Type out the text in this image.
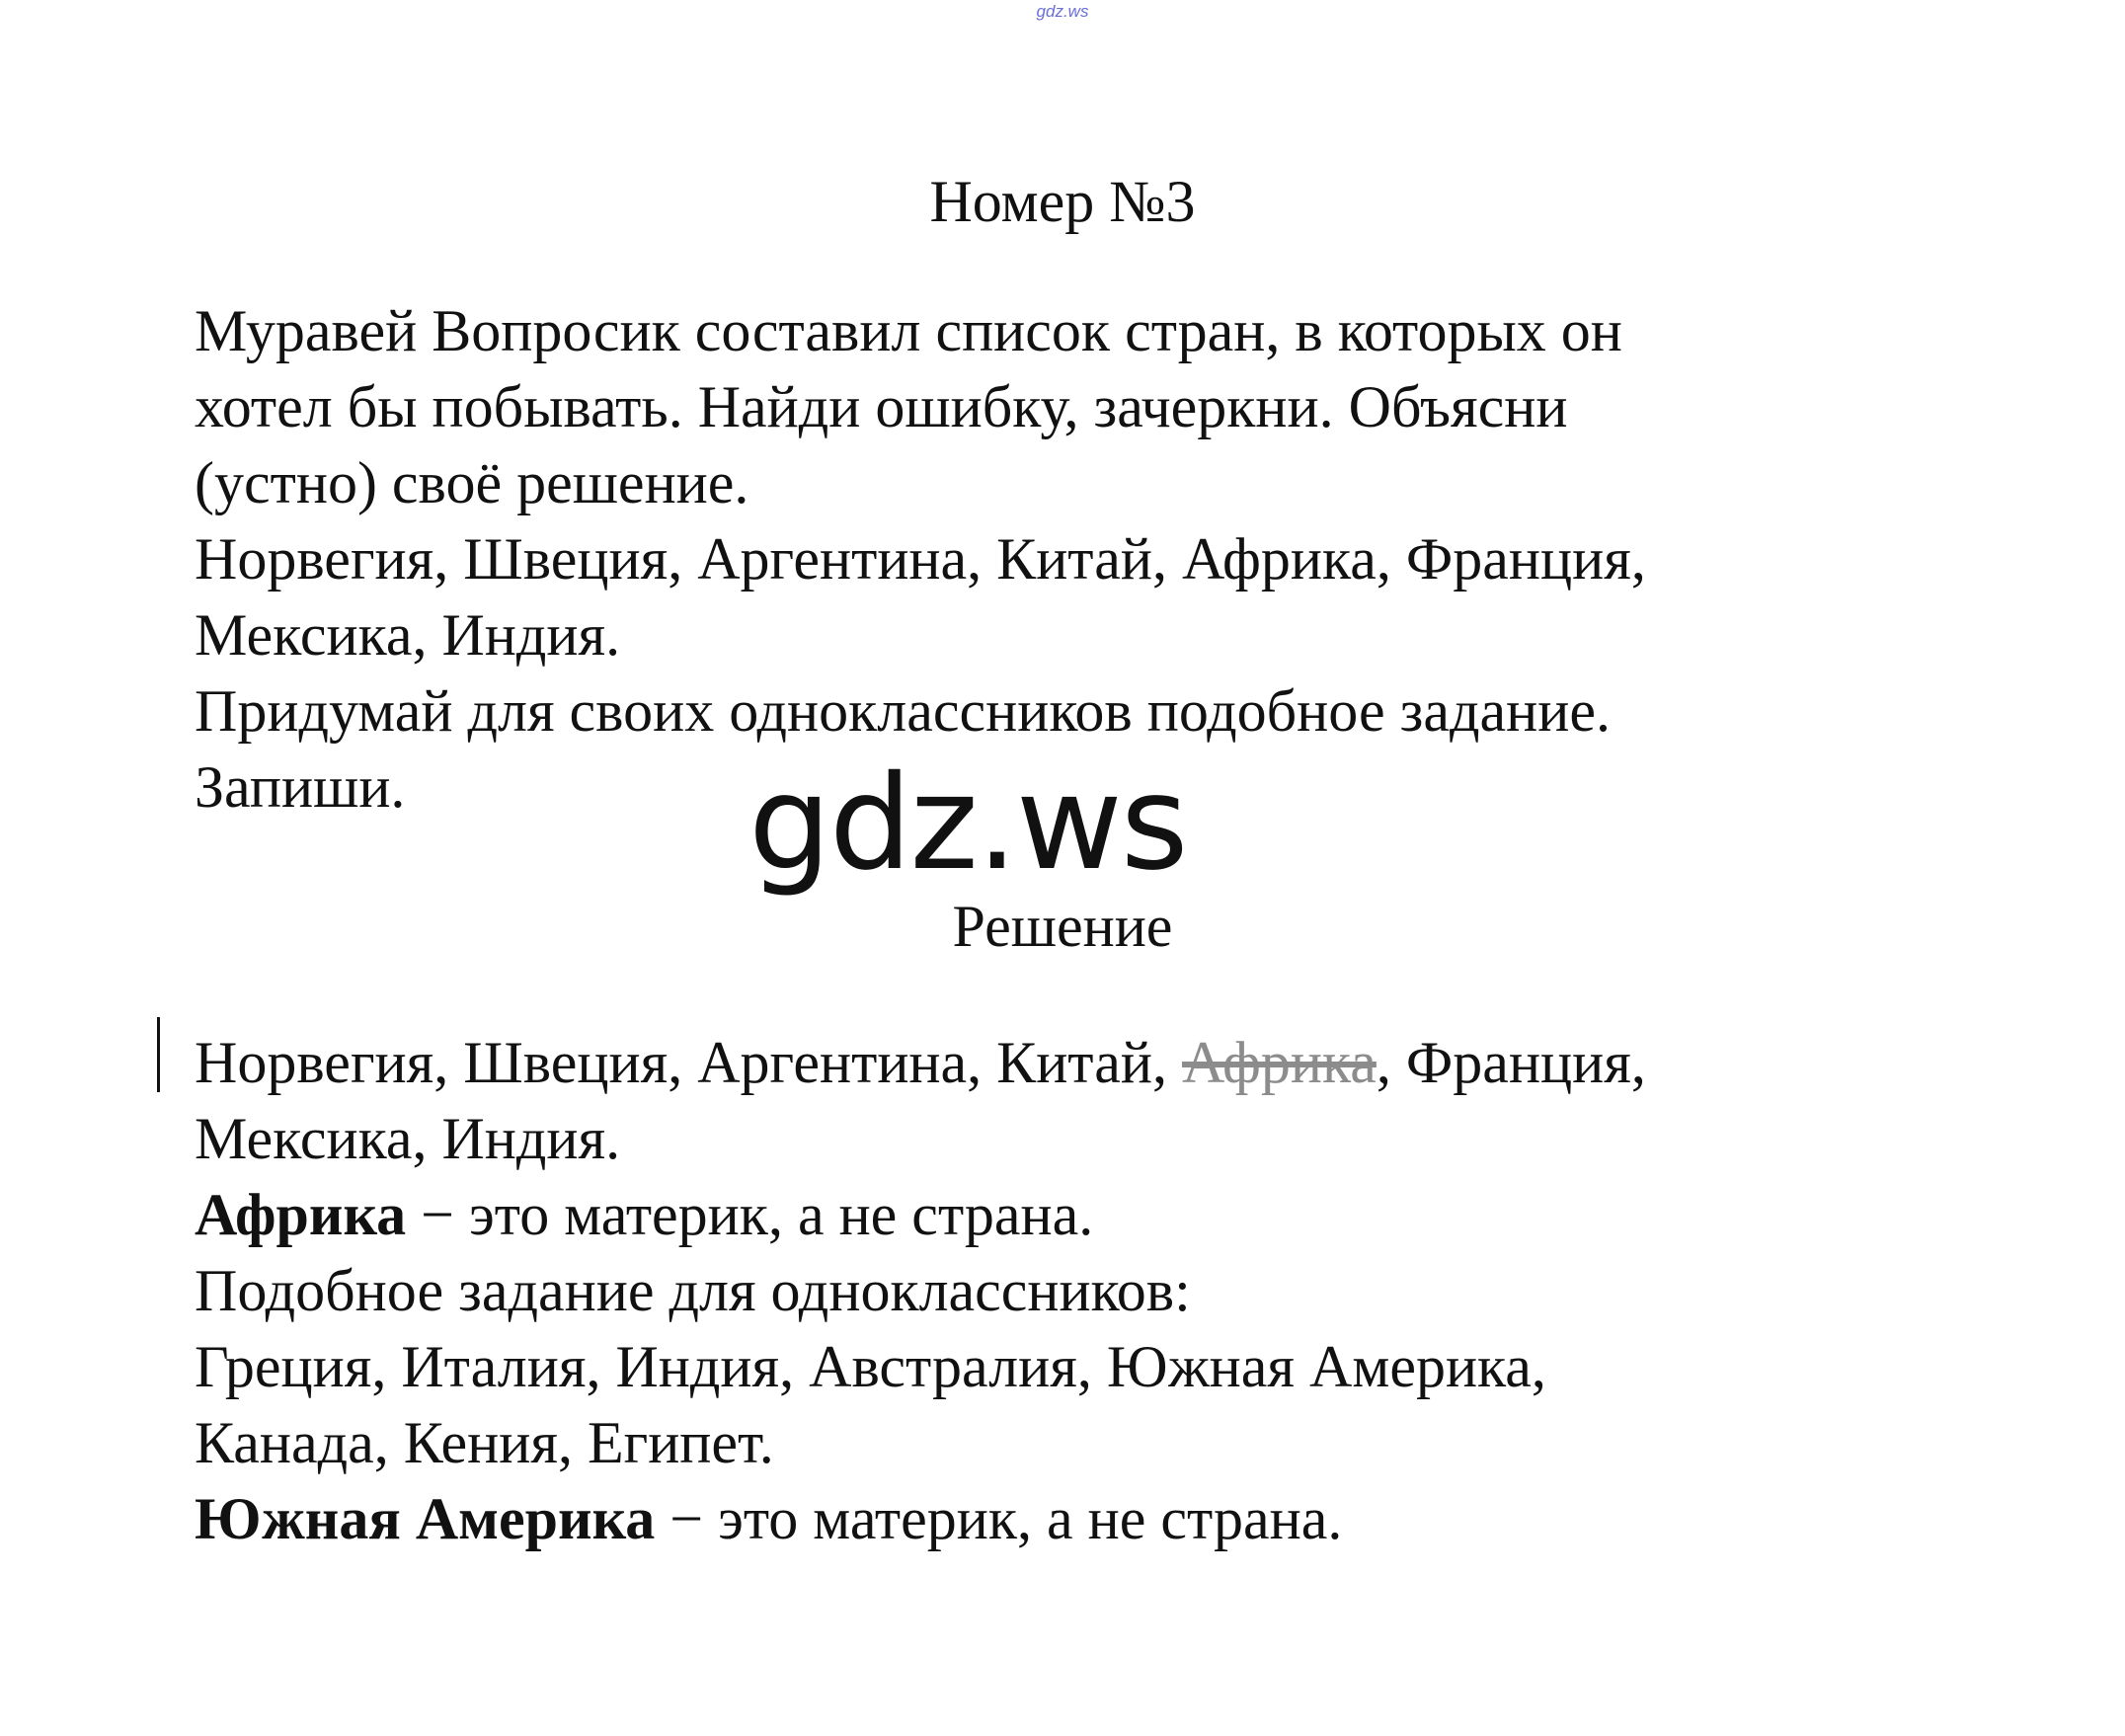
gdz.ws
Номер №3
Муравей Вопросик составил список стран, в которых он
хотел бы побывать. Найди ошибку, зачеркни. Объясни
(устно) своё решение.
Норвегия, Швеция, Аргентина, Китай, Африка, Франция,
Мексика, Индия.
Придумай для своих одноклассников подобное задание.
Запиши.	gdz.ws
Решение
Норвегия, Швеция, Аргентина, Китай, Африка, Франция,
Мексика, Индия.
Африка − это материк, а не страна.
Подобное задание для одноклассников:
Греция, Италия, Индия, Австралия, Южная Америка,
Канада, Кения, Египет.
Южная Америка − это материк, а не страна.
